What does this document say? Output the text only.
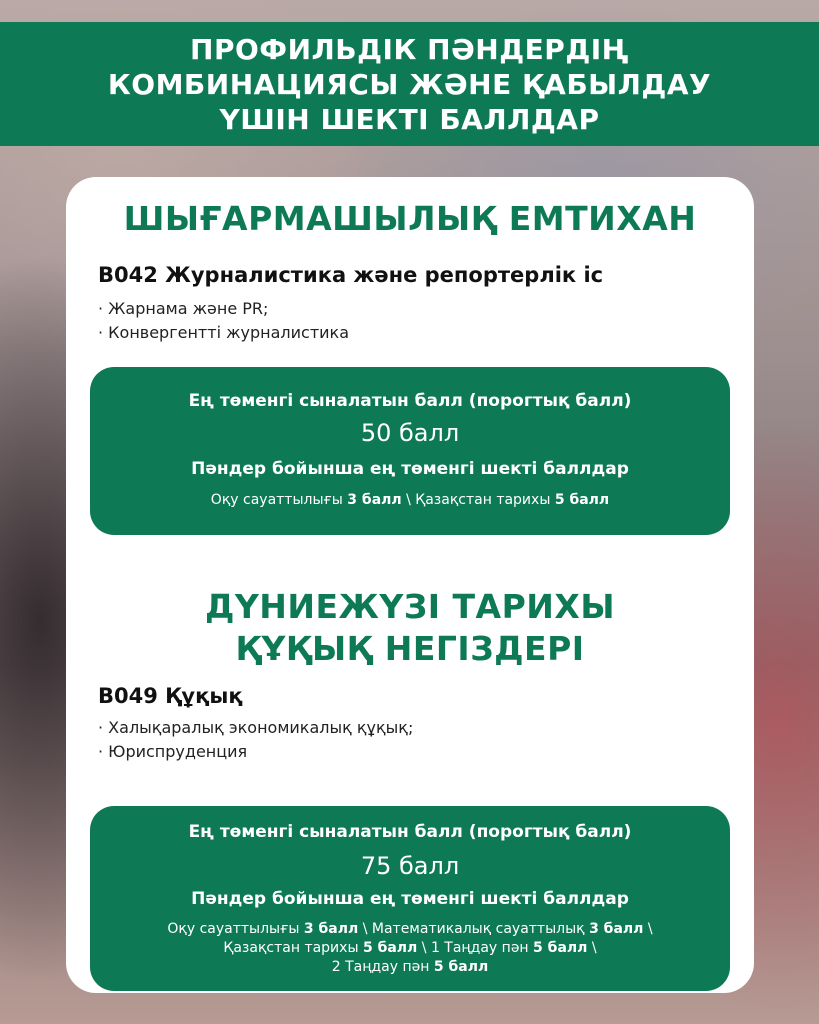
ПРОФИЛЬДІК ПӘНДЕРДІҢ КОМБИНАЦИЯСЫ ЖӘНЕ ҚАБЫЛДАУ ҮШІН ШЕКТІ БАЛЛДАР
ШЫҒАРМАШЫЛЫҚ ЕМТИХАН

В042 Журналистика және репортерлік іс

· Жарнама және PR;
· Конвергентті журналистика

Ең төменгі сыналатын балл (порогтық балл)

50 балл

Пәндер бойынша ең төменгі шекті баллдар

Оқу сауаттылығы 3 балл \ Қазақстан тарихы 5 балл

ДҮНИЕЖҮЗІ ТАРИХЫ
ҚҰҚЫҚ НЕГІЗДЕРІ

В049 Құқық

· Халықаралық экономикалық құқық;
· Юриспруденция

Ең төменгі сыналатын балл (порогтық балл)

75 балл

Пәндер бойынша ең төменгі шекті баллдар

Оқу сауаттылығы 3 балл \ Математикалық сауаттылық 3 балл \
Қазақстан тарихы 5 балл \ 1 Таңдау пән 5 балл \
2 Таңдау пән 5 балл
